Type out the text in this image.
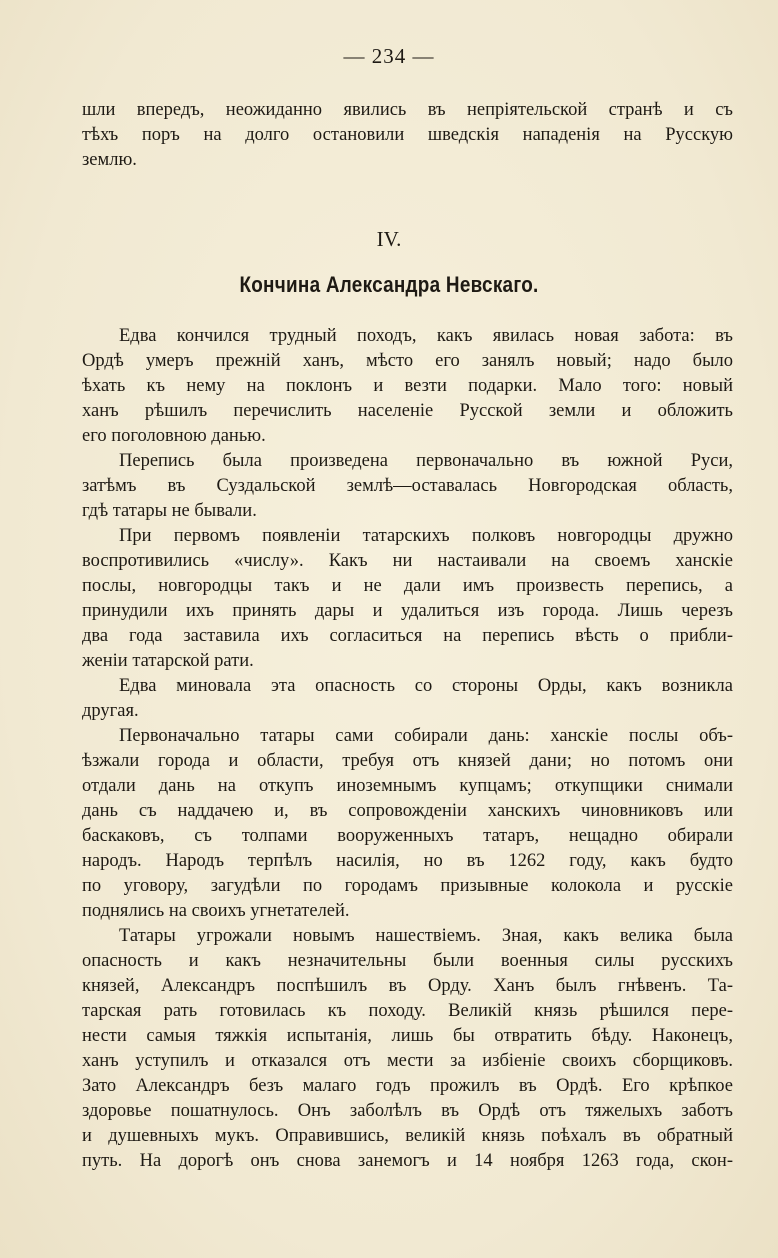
— 234 —
шли впередъ, неожиданно явились въ непріятельской странѣ и съ
тѣхъ поръ на долго остановили шведскія нападенія на Русскую
землю.
IV.
Кончина Александра Невскаго.
Едва кончился трудный походъ, какъ явилась новая забота: въ
Ордѣ умеръ прежній ханъ, мѣсто его занялъ новый; надо было
ѣхать къ нему на поклонъ и везти подарки. Мало того: новый
ханъ рѣшилъ перечислить населеніе Русской земли и обложить
его поголовною данью.
Перепись была произведена первоначально въ южной Руси,
затѣмъ въ Суздальской землѣ—оставалась Новгородская область,
гдѣ татары не бывали.
При первомъ появленіи татарскихъ полковъ новгородцы дружно
воспротивились «числу». Какъ ни настаивали на своемъ ханскіе
послы, новгородцы такъ и не дали имъ произвесть перепись, а
принудили ихъ принять дары и удалиться изъ города. Лишь черезъ
два года заставила ихъ согласиться на перепись вѣсть о прибли-
женіи татарской рати.
Едва миновала эта опасность со стороны Орды, какъ возникла
другая.
Первоначально татары сами собирали дань: ханскіе послы объ-
ѣзжали города и области, требуя отъ князей дани; но потомъ они
отдали дань на откупъ иноземнымъ купцамъ; откупщики снимали
дань съ наддачею и, въ сопровожденіи ханскихъ чиновниковъ или
баскаковъ, съ толпами вооруженныхъ татаръ, нещадно обирали
народъ. Народъ терпѣлъ насилія, но въ 1262 году, какъ будто
по уговору, загудѣли по городамъ призывные колокола и русскіе
поднялись на своихъ угнетателей.
Татары угрожали новымъ нашествіемъ. Зная, какъ велика была
опасность и какъ незначительны были военныя силы русскихъ
князей, Александръ поспѣшилъ въ Орду. Ханъ былъ гнѣвенъ. Та-
тарская рать готовилась къ походу. Великій князь рѣшился пере-
нести самыя тяжкія испытанія, лишь бы отвратить бѣду. Наконецъ,
ханъ уступилъ и отказался отъ мести за избіеніе своихъ сборщиковъ.
Зато Александръ безъ малаго годъ прожилъ въ Ордѣ. Его крѣпкое
здоровье пошатнулось. Онъ заболѣлъ въ Ордѣ отъ тяжелыхъ заботъ
и душевныхъ мукъ. Оправившись, великій князь поѣхалъ въ обратный
путь. На дорогѣ онъ снова занемогъ и 14 ноября 1263 года, скон-
